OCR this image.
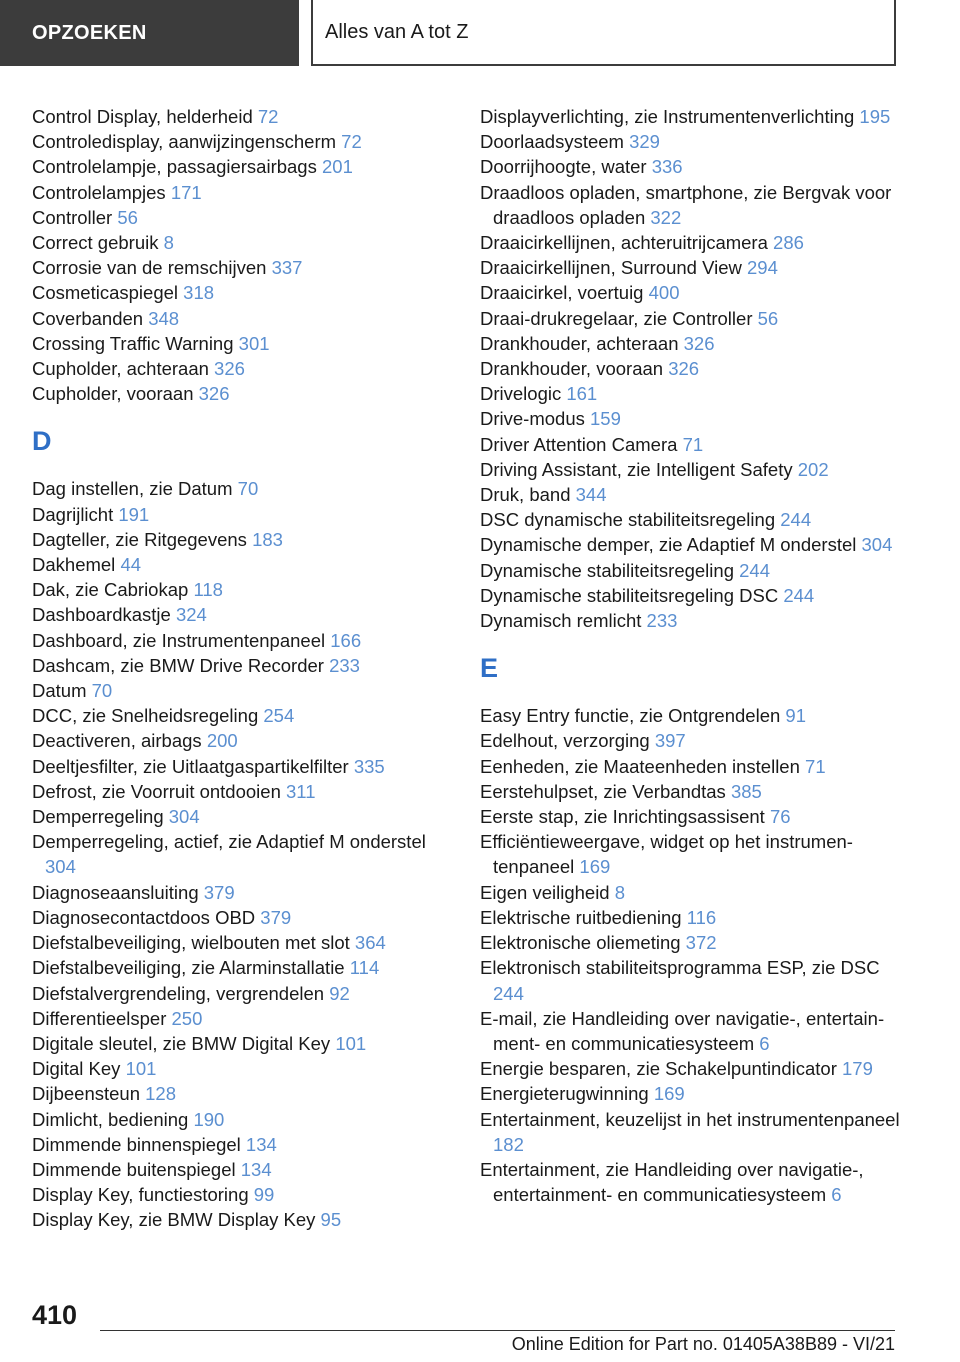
OPZOEKEN	Alles van A tot Z
Control Display, helderheid 72
Controledisplay, aanwijzingenscherm 72
Controlelampje, passagiersairbags 201
Controlelampjes 171
Controller 56
Correct gebruik 8
Corrosie van de remschijven 337
Cosmeticaspiegel 318
Coverbanden 348
Crossing Traffic Warning 301
Cupholder, achteraan 326
Cupholder, vooraan 326
D
Dag instellen, zie Datum 70
Dagrijlicht 191
Dagteller, zie Ritgegevens 183
Dakhemel 44
Dak, zie Cabriokap 118
Dashboardkastje 324
Dashboard, zie Instrumentenpaneel 166
Dashcam, zie BMW Drive Recorder 233
Datum 70
DCC, zie Snelheidsregeling 254
Deactiveren, airbags 200
Deeltjesfilter, zie Uitlaatgaspartikelfilter 335
Defrost, zie Voorruit ontdooien 311
Demperregeling 304
Demperregeling, actief, zie Adaptief M onderstel 304
Diagnoseaansluiting 379
Diagnosecontactdoos OBD 379
Diefstalbeveiliging, wielbouten met slot 364
Diefstalbeveiliging, zie Alarminstallatie 114
Diefstalvergrendeling, vergrendelen 92
Differentieelsper 250
Digitale sleutel, zie BMW Digital Key 101
Digital Key 101
Dijbeensteun 128
Dimlicht, bediening 190
Dimmende binnenspiegel 134
Dimmende buitenspiegel 134
Display Key, functiestoring 99
Display Key, zie BMW Display Key 95
Displayverlichting, zie Instrumentenverlichting 195
Doorlaadsysteem 329
Doorrijhoogte, water 336
Draadloos opladen, smartphone, zie Bergvak voor draadloos opladen 322
Draaicirkellijnen, achteruitrijcamera 286
Draaicirkellijnen, Surround View 294
Draaicirkel, voertuig 400
Draai-drukregelaar, zie Controller 56
Drankhouder, achteraan 326
Drankhouder, vooraan 326
Drivelogic 161
Drive-modus 159
Driver Attention Camera 71
Driving Assistant, zie Intelligent Safety 202
Druk, band 344
DSC dynamische stabiliteitsregeling 244
Dynamische demper, zie Adaptief M onderstel 304
Dynamische stabiliteitsregeling 244
Dynamische stabiliteitsregeling DSC 244
Dynamisch remlicht 233
E
Easy Entry functie, zie Ontgrendelen 91
Edelhout, verzorging 397
Eenheden, zie Maateenheden instellen 71
Eerstehulpset, zie Verbandtas 385
Eerste stap, zie Inrichtingsassisent 76
Efficiëntieweergave, widget op het instrumentenpaneel 169
Eigen veiligheid 8
Elektrische ruitbediening 116
Elektronische oliemeting 372
Elektronisch stabiliteitsprogramma ESP, zie DSC 244
E-mail, zie Handleiding over navigatie-, entertainment- en communicatiesysteem 6
Energie besparen, zie Schakelpuntindicator 179
Energieterugwinning 169
Entertainment, keuzelijst in het instrumentenpaneel 182
Entertainment, zie Handleiding over navigatie-, entertainment- en communicatiesysteem 6
410
Online Edition for Part no. 01405A38B89 - VI/21
